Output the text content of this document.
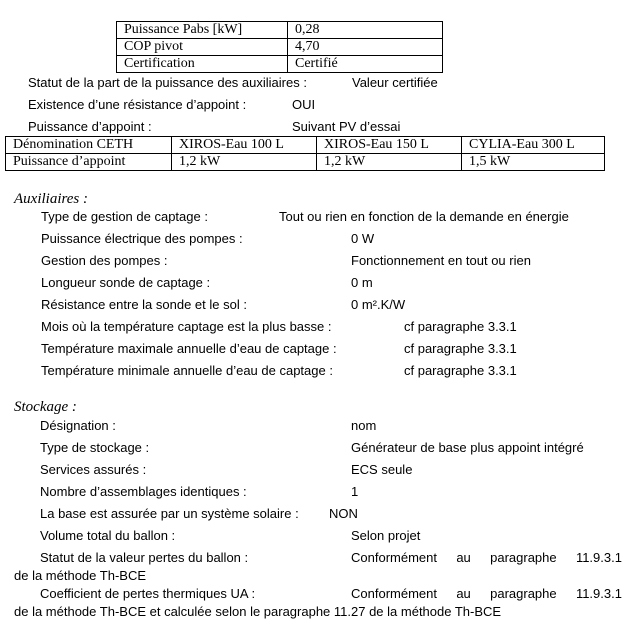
Puissance Pabs [kW]	0,28
COP pivot	4,70
Certification	Certifié
Statut de la part de la puissance des auxiliaires :	Valeur certifiée
Existence d’une résistance d’appoint :	OUI
Puissance d’appoint :	Suivant PV d’essai
Dénomination CETH	XIROS-Eau 100 L	XIROS-Eau 150 L	CYLIA-Eau 300 L
Puissance d’appoint	1,2 kW	1,2 kW	1,5 kW
Auxiliaires :
Type de gestion de captage :	Tout ou rien en fonction de la demande en énergie
Puissance électrique des pompes :	0 W
Gestion des pompes :	Fonctionnement en tout ou rien
Longueur sonde de captage :	0 m
Résistance entre la sonde et le sol :	0 m².K/W
Mois où la température captage est la plus basse :	cf paragraphe 3.3.1
Température maximale annuelle d’eau de captage :	cf paragraphe 3.3.1
Température minimale annuelle d’eau de captage :	cf paragraphe 3.3.1
Stockage :
Désignation :	nom
Type de stockage :	Générateur de base plus appoint intégré
Services assurés :	ECS seule
Nombre d’assemblages identiques :	1
La base est assurée par un système solaire : NON
Volume total du ballon :	Selon projet
Statut de la valeur pertes du ballon :	Conformément au paragraphe 11.9.3.1
de la méthode Th-BCE
Coefficient de pertes thermiques UA :	Conformément au paragraphe 11.9.3.1
de la méthode Th-BCE et calculée selon le paragraphe 11.27 de la méthode Th-BCE
